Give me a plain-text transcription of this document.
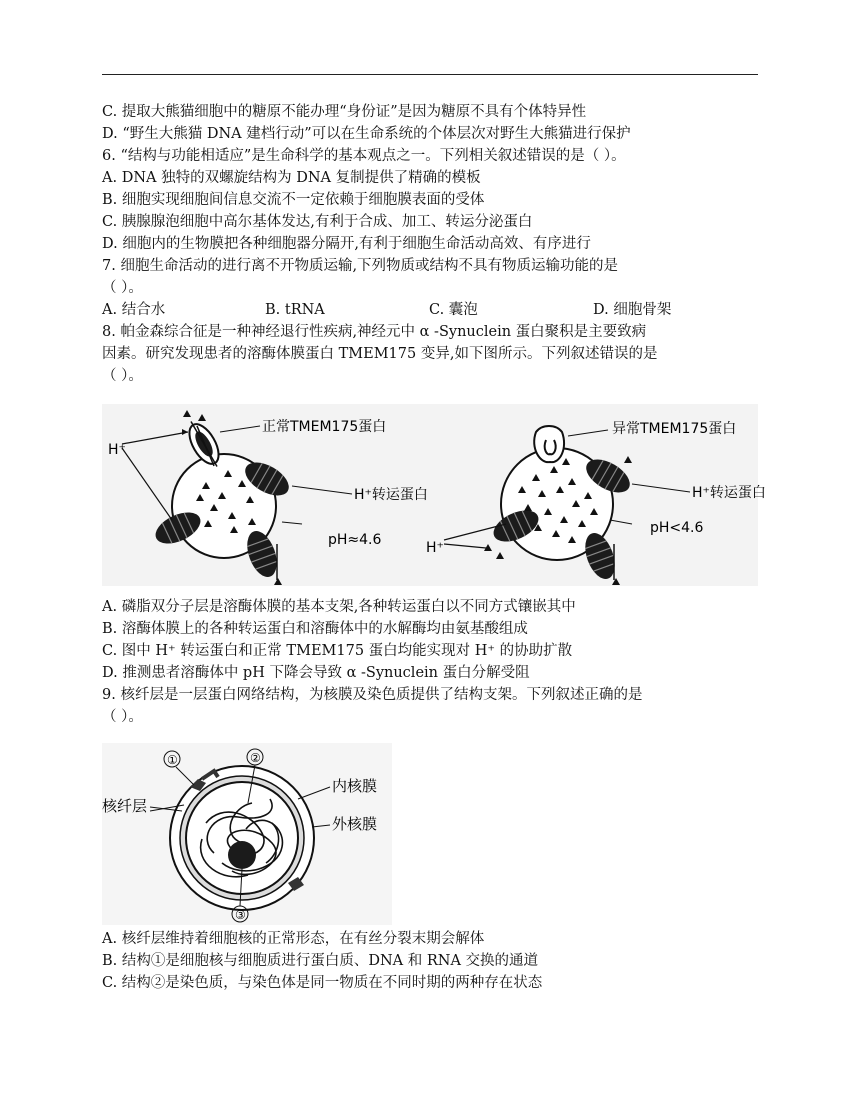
C. 提取大熊猫细胞中的糖原不能办理“身份证”是因为糖原不具有个体特异性
D. “野生大熊猫 DNA 建档行动”可以在生命系统的个体层次对野生大熊猫进行保护
6. “结构与功能相适应”是生命科学的基本观点之一。下列相关叙述错误的是（ ）。
A. DNA 独特的双螺旋结构为 DNA 复制提供了精确的模板
B. 细胞实现细胞间信息交流不一定依赖于细胞膜表面的受体
C. 胰腺腺泡细胞中高尔基体发达,有利于合成、加工、转运分泌蛋白
D. 细胞内的生物膜把各种细胞器分隔开,有利于细胞生命活动高效、有序进行
7. 细胞生命活动的进行离不开物质运输,下列物质或结构不具有物质运输功能的是
（ ）。
A. 结合水	B. tRNA	C. 囊泡	D. 细胞骨架
8. 帕金森综合征是一种神经退行性疾病,神经元中 α -Synuclein 蛋白聚积是主要致病
因素。研究发现患者的溶酶体膜蛋白 TMEM175 变异,如下图所示。下列叙述错误的是
（ ）。
H⁺
正常TMEM175蛋白
H⁺转运蛋白
pH≈4.6	H⁺
异常TMEM175蛋白
H⁺转运蛋白
pH<4.6
A. 磷脂双分子层是溶酶体膜的基本支架,各种转运蛋白以不同方式镶嵌其中
B. 溶酶体膜上的各种转运蛋白和溶酶体中的水解酶均由氨基酸组成
C. 图中 H⁺ 转运蛋白和正常 TMEM175 蛋白均能实现对 H⁺ 的协助扩散
D. 推测患者溶酶体中 pH 下降会导致 α -Synuclein 蛋白分解受阻
9. 核纤层是一层蛋白网络结构，为核膜及染色质提供了结构支架。下列叙述正确的是
（ ）。
①	②
③
内核膜
外核膜
核纤层
A. 核纤层维持着细胞核的正常形态，在有丝分裂末期会解体
B. 结构①是细胞核与细胞质进行蛋白质、DNA 和 RNA 交换的通道
C. 结构②是染色质，与染色体是同一物质在不同时期的两种存在状态
